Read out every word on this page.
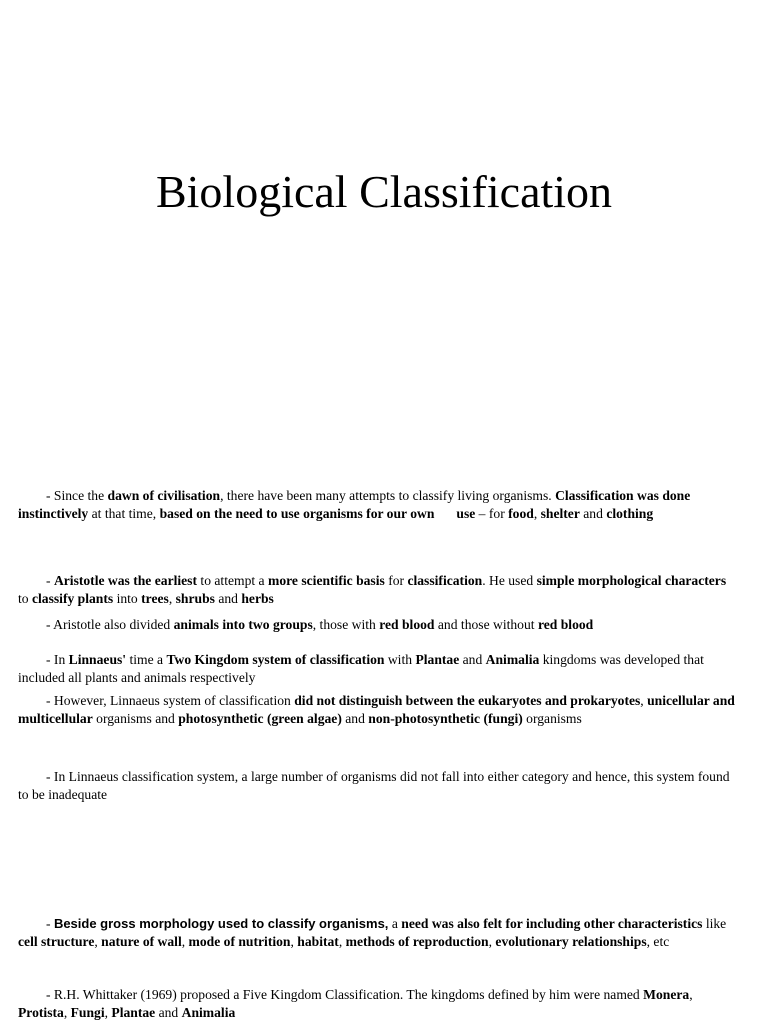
Biological Classification

- Since the dawn of civilisation, there have been many attempts to classify living organisms. Classification was done instinctively at that time, based on the need to use organisms for our own use – for food, shelter and clothing

- Aristotle was the earliest to attempt a more scientific basis for classification. He used simple morphological characters to classify plants into trees, shrubs and herbs

- Aristotle also divided animals into two groups, those with red blood and those without red blood

- In Linnaeus' time a Two Kingdom system of classification with Plantae and Animalia kingdoms was developed that included all plants and animals respectively

- However, Linnaeus system of classification did not distinguish between the eukaryotes and prokaryotes, unicellular and multicellular organisms and photosynthetic (green algae) and non-photosynthetic (fungi) organisms

- In Linnaeus classification system, a large number of organisms did not fall into either category and hence, this system found to be inadequate

- Beside gross morphology used to classify organisms, a need was also felt for including other characteristics like cell structure, nature of wall, mode of nutrition, habitat, methods of reproduction, evolutionary relationships, etc

- R.H. Whittaker (1969) proposed a Five Kingdom Classification. The kingdoms defined by him were named Monera, Protista, Fungi, Plantae and Animalia
